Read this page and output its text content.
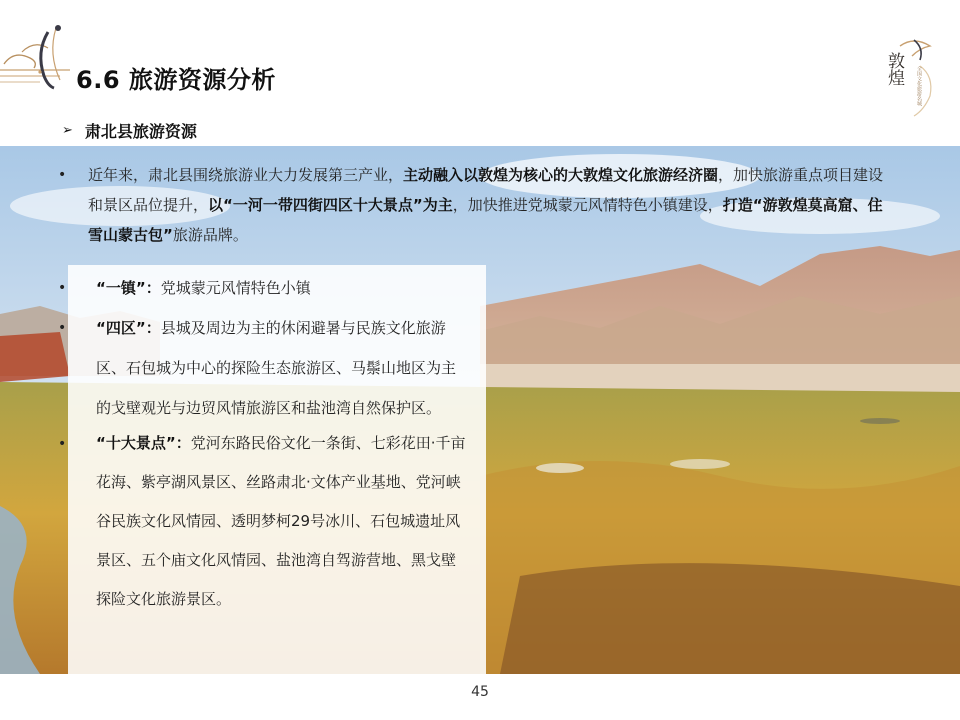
6.6 旅游资源分析	敦煌 全国文化旅游名城
➢ 肃北县旅游资源
•	近年来，肃北县围绕旅游业大力发展第三产业，主动融入以敦煌为核心的大敦煌文化旅游经济圈，加快旅游重点项目建设和景区品位提升，以“一河一带四街四区十大景点”为主，加快推进党城蒙元风情特色小镇建设，打造“游敦煌莫高窟、住雪山蒙古包”旅游品牌。

•	“一镇”：党城蒙元风情特色小镇

•	“四区”：县城及周边为主的休闲避暑与民族文化旅游区、石包城为中心的探险生态旅游区、马鬃山地区为主的戈壁观光与边贸风情旅游区和盐池湾自然保护区。

•	“十大景点”：党河东路民俗文化一条街、七彩花田·千亩花海、紫亭湖风景区、丝路肃北·文体产业基地、党河峡谷民族文化风情园、透明梦柯29号冰川、石包城遗址风景区、五个庙文化风情园、盐池湾自驾游营地、黑戈壁探险文化旅游景区。

45
